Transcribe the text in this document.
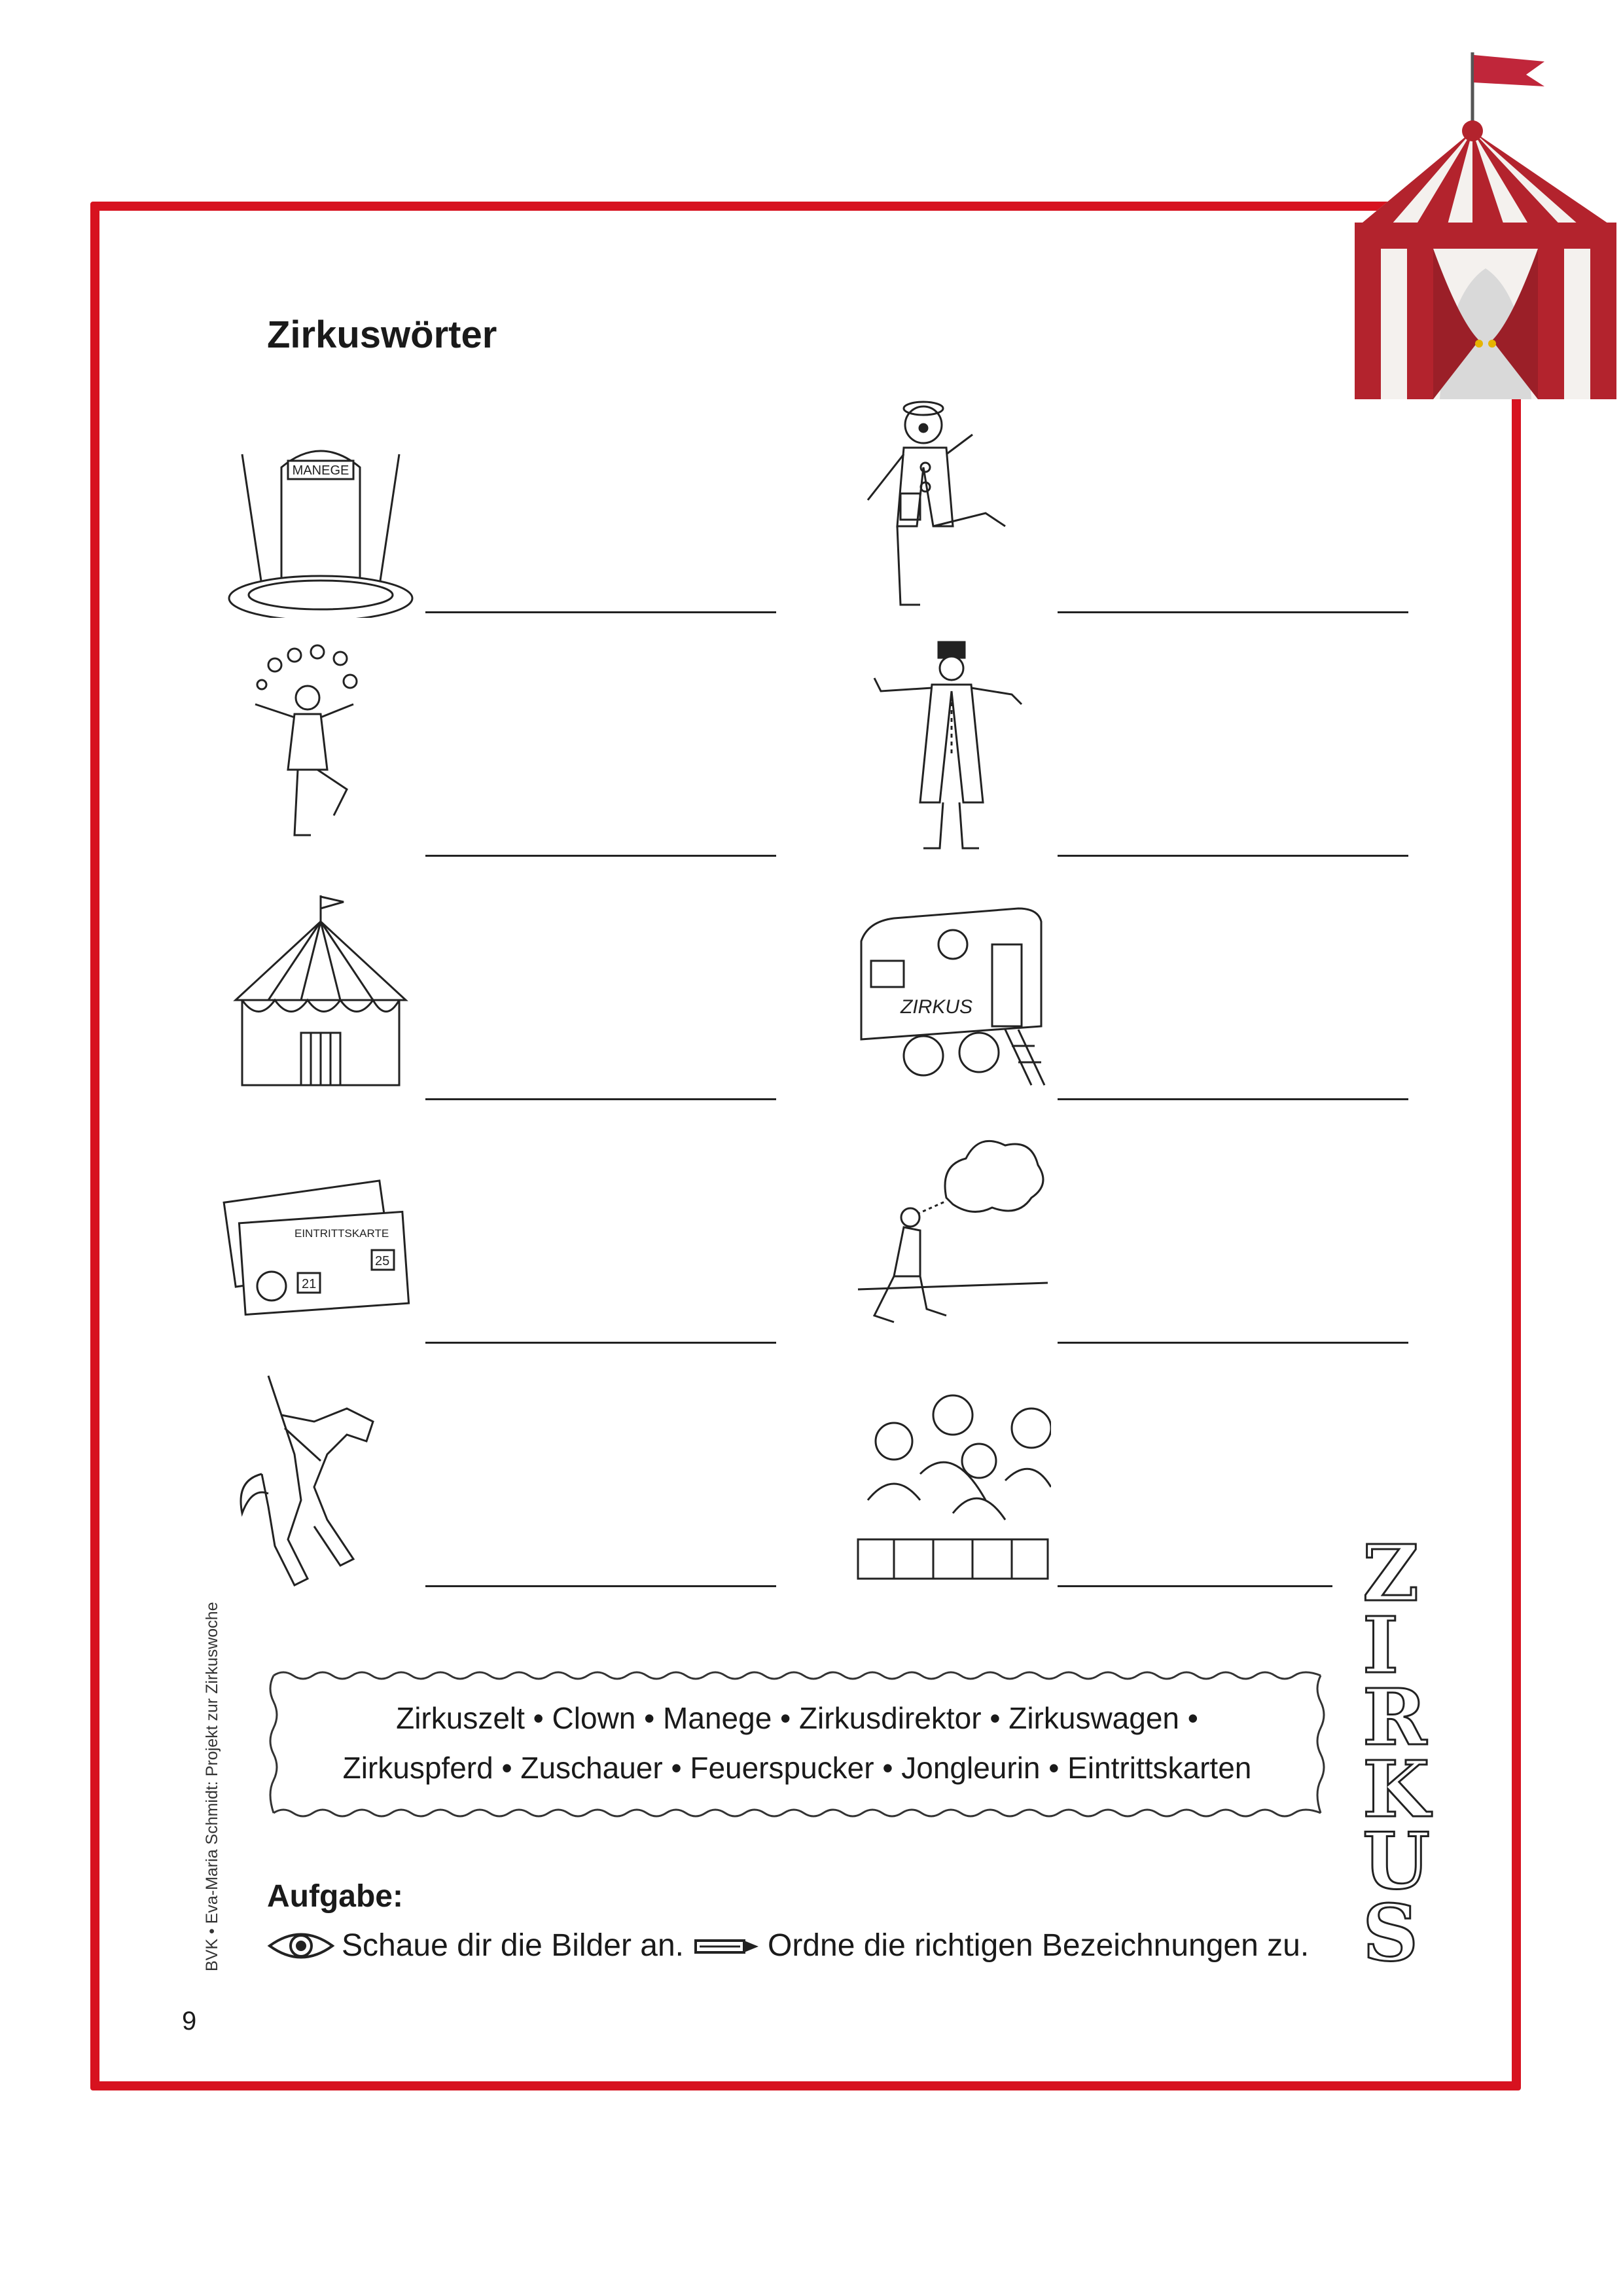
Zirkuswörter
MANEGE
ZIRKUS
EINTRITTSKARTE
21
25
Zirkuszelt • Clown • Manege • Zirkusdirektor • Zirkuswagen •
Zirkuspferd • Zuschauer • Feuerspucker • Jongleurin • Eintrittskarten

Aufgabe:

Schaue dir die Bilder an.	Ordne die richtigen Bezeichnungen zu.
BVK • Eva-Maria Schmidt: Projekt zur Zirkuswoche
9
Z
I
R
K
U
S
